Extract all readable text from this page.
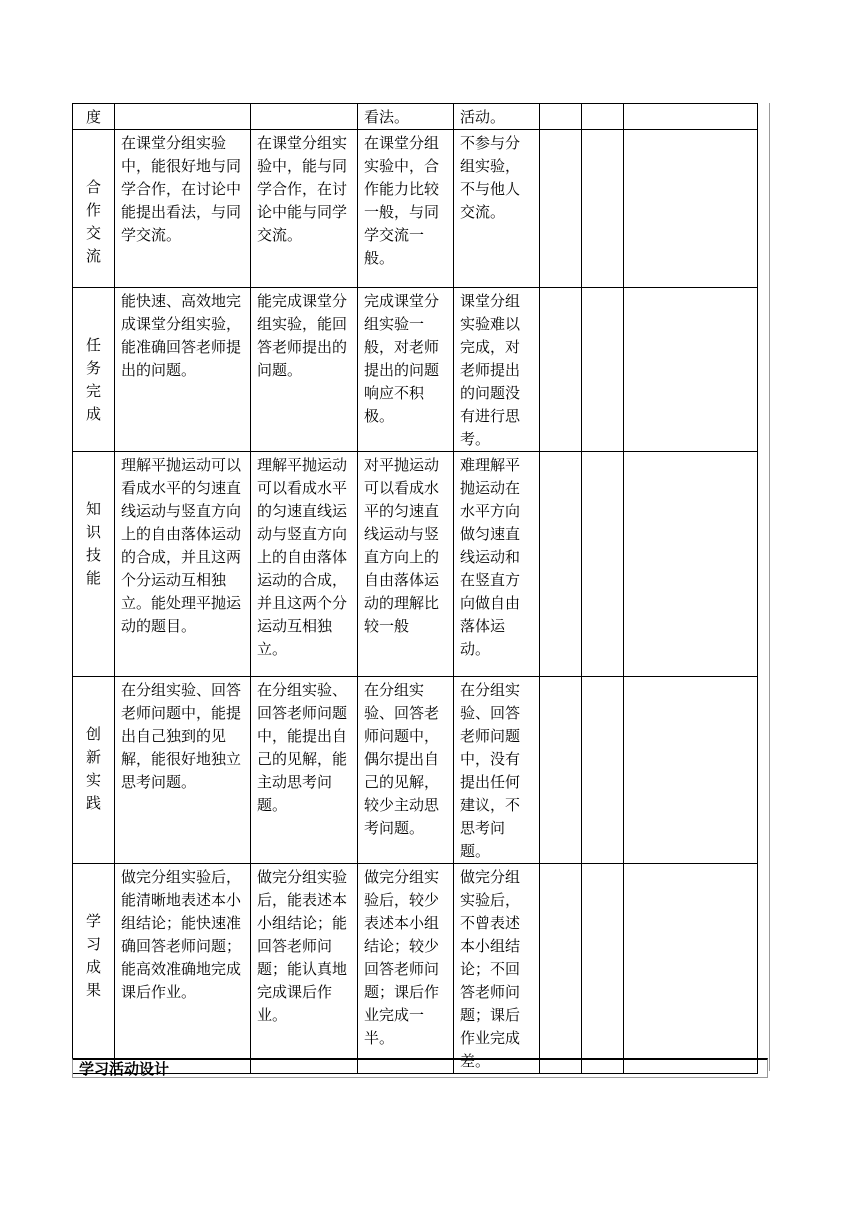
度			看法。	活动。			

合作交流	在课堂分组实验中，能很好地与同学合作，在讨论中能提出看法，与同学交流。	在课堂分组实验中，能与同学合作，在讨论中能与同学交流。	在课堂分组实验中，合作能力比较一般，与同学交流一般。	不参与分组实验，不与他人交流。			

任务完成	能快速、高效地完成课堂分组实验，能准确回答老师提出的问题。	能完成课堂分组实验，能回答老师提出的问题。	完成课堂分组实验一般，对老师提出的问题响应不积极。	课堂分组实验难以完成，对老师提出的问题没有进行思考。			

知识技能	理解平抛运动可以看成水平的匀速直线运动与竖直方向上的自由落体运动的合成，并且这两个分运动互相独立。能处理平抛运动的题目。	理解平抛运动可以看成水平的匀速直线运动与竖直方向上的自由落体运动的合成，并且这两个分运动互相独立。	对平抛运动可以看成水平的匀速直线运动与竖直方向上的自由落体运动的理解比较一般	难理解平抛运动在水平方向做匀速直线运动和在竖直方向做自由落体运动。			

创新实践	在分组实验、回答老师问题中，能提出自己独到的见解，能很好地独立思考问题。	在分组实验、回答老师问题中，能提出自己的见解，能主动思考问题。	在分组实验、回答老师问题中，偶尔提出自己的见解，较少主动思考问题。	在分组实验、回答老师问题中，没有提出任何建议，不思考问题。			

学习成果	做完分组实验后，能清晰地表述本小组结论；能快速准确回答老师问题；能高效准确地完成课后作业。	做完分组实验后，能表述本小组结论；能回答老师问题；能认真地完成课后作业。	做完分组实验后，较少表述本小组结论；较少回答老师问题；课后作业完成一半。	做完分组实验后，不曾表述本小组结论；不回答老师问题；课后作业完成差。			
学习活动设计
